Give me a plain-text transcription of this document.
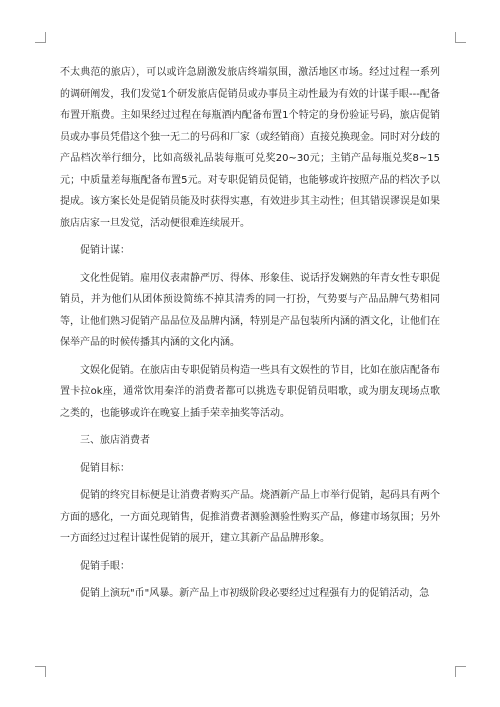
不太典范的旅店），可以或许急剧激发旅店终端氛围，激活地区市场。经过过程一系列的调研阐发，我们发觉1个研发旅店促销员或办事员主动性最为有效的计谋手眼---配备布置开瓶费。主如果经过过程在每瓶酒内配备布置1个特定的身份验证号码，旅店促销员或办事员凭借这个独一无二的号码和厂家（或经销商）直接兑换现金。同时对分歧的产品档次举行细分，比如高级礼品装每瓶可兑奖20~30元；主销产品每瓶兑奖8~15元；中质量差每瓶配备布置5元。对专职促销员促销，也能够或许按照产品的档次予以提成。该方案长处是促销员能及时获得实惠，有效进步其主动性；但其错误谬误是如果旅店店家一旦发觉，活动便很难连续展开。

促销计谋：

文化性促销。雇用仪表肃静严厉、得体、形象佳、说话抒发娴熟的年青女性专职促销员，并为他们从团体预设简练不掉其清秀的同一打扮，气势要与产品品牌气势相同等，让他们熟习促销产品品位及品牌内涵，特别是产品包装所内涵的酒文化，让他们在保举产品的时候传播其内涵的文化内涵。

文娱化促销。在旅店由专职促销员构造一些具有文娱性的节目，比如在旅店配备布置卡拉ok座，通常饮用秦洋的消费者都可以挑选专职促销员唱歌，或为朋友现场点歌之类的，也能够或许在晚宴上插手荣幸抽奖等活动。

三、旅店消费者

促销目标：

促销的终究目标便是让消费者购买产品。烧酒新产品上市举行促销，起码具有两个方面的感化，一方面兑现销售，促推消费者测验测验性购买产品，修建市场氛围；另外一方面经过过程计谋性促销的展开，建立其新产品品牌形象。

促销手眼：

促销上演玩"币"风暴。新产品上市初级阶段必要经过过程强有力的促销活动，急
